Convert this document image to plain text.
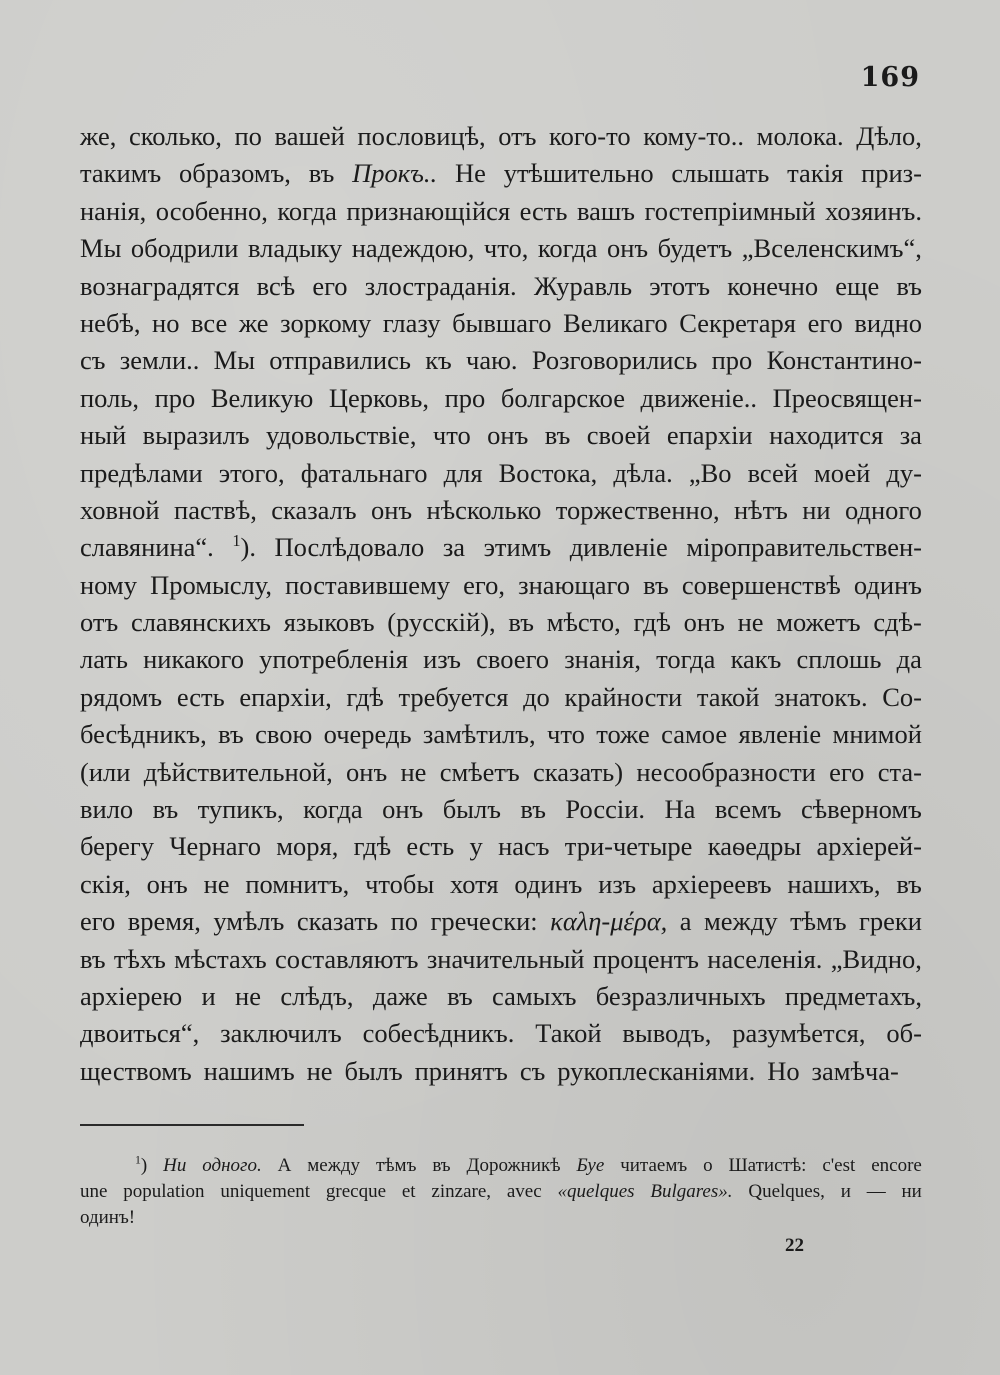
169
же, сколько, по вашей пословицѣ, отъ кого-то кому-то.. молока. Дѣло,
такимъ образомъ, въ Прокъ.. Не утѣшительно слышать такія приз-
нанія, особенно, когда признающійся есть вашъ гостепріимный хозяинъ.
Мы ободрили владыку надеждою, что, когда онъ будетъ „Вселенскимъ“,
вознаградятся всѣ его злостраданія. Журавль этотъ конечно еще въ
небѣ, но все же зоркому глазу бывшаго Великаго Секретаря его видно
съ земли.. Мы отправились къ чаю. Розговорились про Константино-
поль, про Великую Церковь, про болгарское движеніе.. Преосвящен-
ный выразилъ удовольствіе, что онъ въ своей епархіи находится за
предѣлами этого, фатальнаго для Востока, дѣла. „Во всей моей ду-
ховной паствѣ, сказалъ онъ нѣсколько торжественно, нѣтъ ни одного
славянина“. $^1$). Послѣдовало за этимъ дивленіе міроправительствен-
ному Промыслу, поставившему его, знающаго въ совершенствѣ одинъ
отъ славянскихъ языковъ (русскій), въ мѣсто, гдѣ онъ не можетъ сдѣ-
лать никакого употребленія изъ своего знанія, тогда какъ сплошь да
рядомъ есть епархіи, гдѣ требуется до крайности такой знатокъ. Со-
бесѣдникъ, въ свою очередь замѣтилъ, что тоже самое явленіе мнимой
(или дѣйствительной, онъ не смѣетъ сказать) несообразности его ста-
вило въ тупикъ, когда онъ былъ въ Россіи. На всемъ сѣверномъ
берегу Чернаго моря, гдѣ есть у насъ три-четыре каѳедры архіерей-
скія, онъ не помнитъ, чтобы хотя одинъ изъ архіереевъ нашихъ, въ
его время, умѣлъ сказать по гречески: καλη-μέρα, а между тѣмъ греки
въ тѣхъ мѣстахъ составляютъ значительный процентъ населенія. „Видно,
архіерею и не слѣдъ, даже въ самыхъ безразличныхъ предметахъ,
двоиться“, заключилъ собесѣдникъ. Такой выводъ, разумѣется, об-
ществомъ нашимъ не былъ принятъ съ рукоплесканіями. Но замѣча-
$^1$) Ни одного. А между тѣмъ въ Дорожникѣ Буе читаемъ о Шатистѣ: c'est encore
une population uniquement grecque et zinzare, avec «quelques Bulgares». Quelques, и — ни
одинъ!
22
